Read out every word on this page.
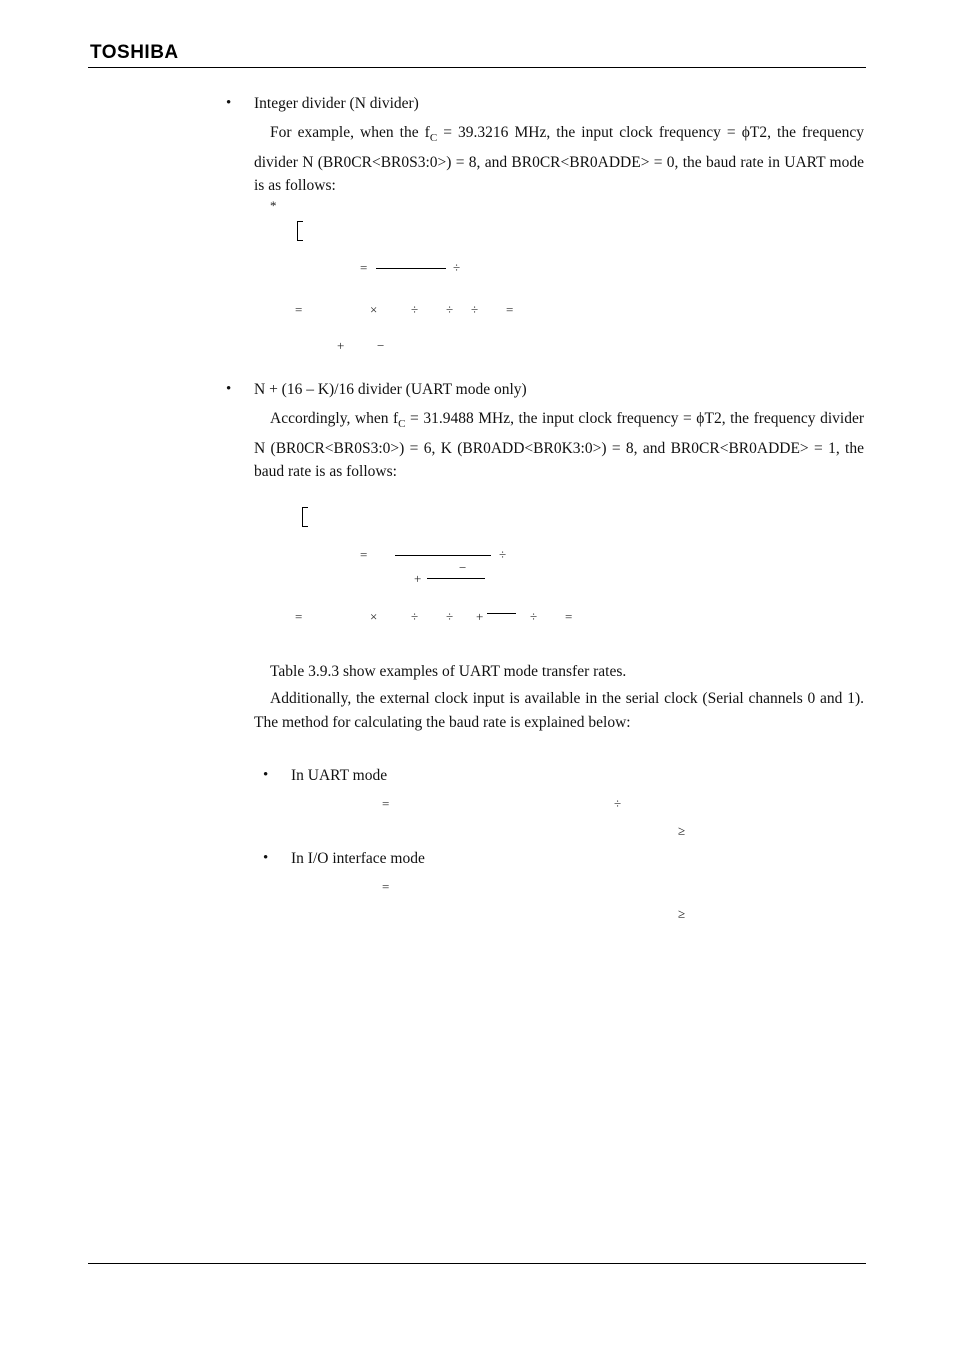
TOSHIBA
• Integer divider (N divider)
For example, when the $f_C = 39.3216$ MHz, the input clock frequency = ϕT2, the frequency divider N (BR0CR<BR0S3:0>) = 8, and BR0CR<BR0ADDE> = 0, the baud rate in UART mode is as follows:
*
=	÷
=	×	÷ ÷ ÷ =
+	−
• N + (16 – K)/16 divider (UART mode only)
Accordingly, when $f_C = 31.9488$ MHz, the input clock frequency = ϕT2, the frequency divider N (BR0CR<BR0S3:0>) = 6, K (BR0ADD<BR0K3:0>) = 8, and BR0CR<BR0ADDE> = 1, the baud rate is as follows:
=	÷
−
+
=	×	÷ ÷ +	÷ =
Table 3.9.3 show examples of UART mode transfer rates.
Additionally, the external clock input is available in the serial clock (Serial channels 0 and 1). The method for calculating the baud rate is explained below:
• In UART mode
=	÷
≥
• In I/O interface mode
=
≥
